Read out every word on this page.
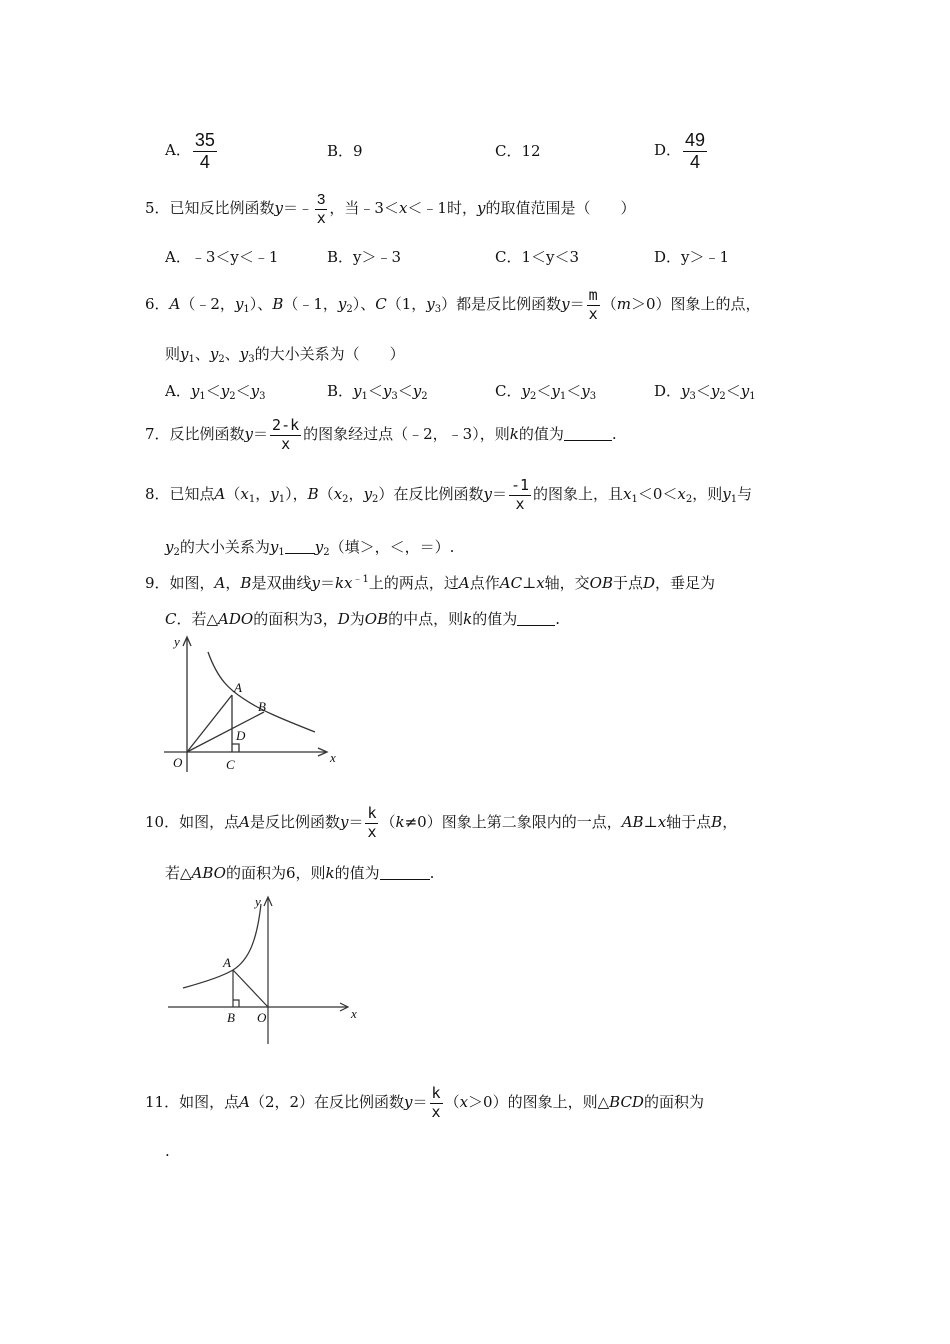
A． $\frac{35}{4}$	B．9	C．12	D． $\frac{49}{4}$
5．已知反比例函数y＝﹣ $\frac{3}{x}$ ，当﹣3＜x＜﹣1时，y的取值范围是（　　）
A．﹣3＜y＜﹣1	B．y＞﹣3	C．1＜y＜3	D．y＞﹣1
6．A（﹣2，$y_1$）、B（﹣1，$y_2$）、C（1，$y_3$）都是反比例函数$y= \frac{m}{x} (m>0)$图象上的点，
则$y_1$、$y_2$、$y_3$的大小关系为（　　）
A．$y_1<y_2<y_3$	B．$y_1<y_3<y_2$	C．$y_2<y_1<y_3$	D．$y_3<y_2<y_1$
7．反比例函数$y= \frac{2-k}{x}$ 的图象经过点（﹣2，﹣3），则k的值为	.
8．已知点$A(x_1$，$y_1$），$B(x_2$，$y_2$）在反比例函数$y= \frac{-1}{x}$ 的图象上，且$x_1<0<x_2$，则$y_1$与
$y_2$的大小关系为$y_1$ $y_2$（填＞，＜，＝）.
9．如图，A，B是双曲线$y=kx^{﹣1}$上的两点，过A点作AC⊥x轴，交OB于点D，垂足为
C．若△ADO的面积为3，D为OB的中点，则k的值为	.
y
x
O
A
B
C
D
10．如图，点A是反比例函数$y= \frac{k}{x} (k\ne 0)$图象上第二象限内的一点，AB⊥x轴于点B，
若△ABO的面积为6，则k的值为	.
y
x
A
B O
11．如图，点A（2，2）在反比例函数$y= \frac{k}{x} (x>0)$的图象上，则△BCD的面积为
.
